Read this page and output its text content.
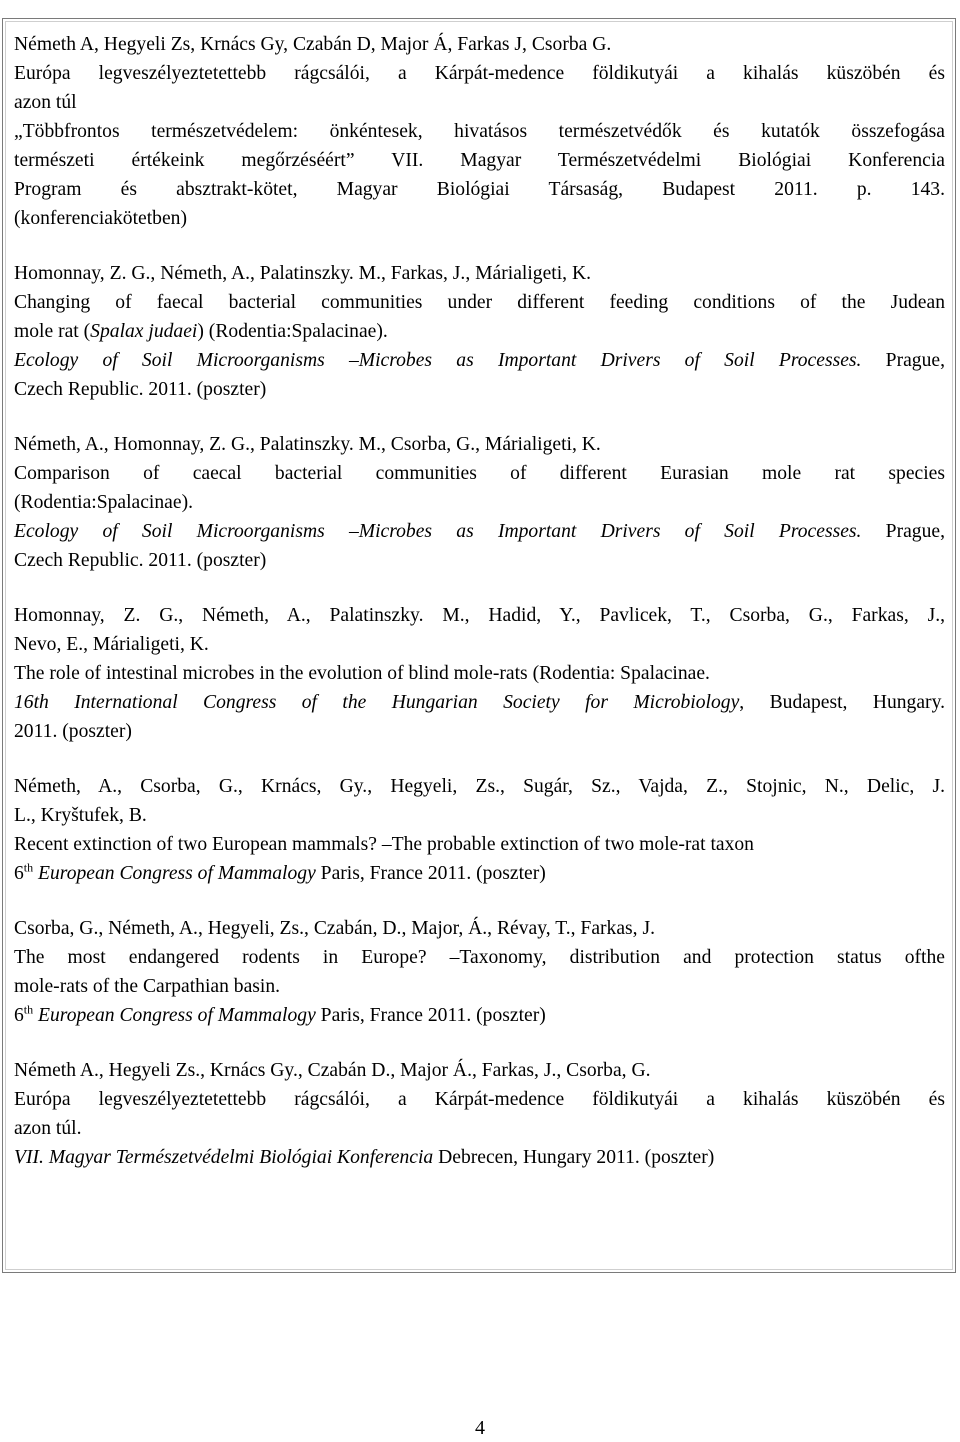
Németh A, Hegyeli Zs, Krnács Gy, Czabán D, Major Á, Farkas J, Csorba G.
Európa legveszélyeztetettebb rágcsálói, a Kárpát-medence földikutyái a kihalás küszöbén és
azon túl
„Többfrontos természetvédelem: önkéntesek, hivatásos természetvédők és kutatók összefogása
természeti értékeink megőrzéséért” VII. Magyar Természetvédelmi Biológiai Konferencia
Program és absztrakt-kötet, Magyar Biológiai Társaság, Budapest 2011. p. 143.
(konferenciakötetben)
Homonnay, Z. G., Németh, A., Palatinszky. M., Farkas, J., Márialigeti, K.
Changing of faecal bacterial communities under different feeding conditions of the Judean
mole rat (Spalax judaei) (Rodentia:Spalacinae).
Ecology of Soil Microorganisms –Microbes as Important Drivers of Soil Processes. Prague,
Czech Republic. 2011. (poszter)
Németh, A., Homonnay, Z. G., Palatinszky. M., Csorba, G., Márialigeti, K.
Comparison of caecal bacterial communities of different Eurasian mole rat species
(Rodentia:Spalacinae).
Ecology of Soil Microorganisms –Microbes as Important Drivers of Soil Processes. Prague,
Czech Republic. 2011. (poszter)
Homonnay, Z. G., Németh, A., Palatinszky. M., Hadid, Y., Pavlicek, T., Csorba, G., Farkas, J.,
Nevo, E., Márialigeti, K.
The role of intestinal microbes in the evolution of blind mole-rats (Rodentia: Spalacinae.
16th International Congress of the Hungarian Society for Microbiology, Budapest, Hungary.
2011. (poszter)
Németh, A., Csorba, G., Krnács, Gy., Hegyeli, Zs., Sugár, Sz., Vajda, Z., Stojnic, N., Delic, J.
L., Kryštufek, B.
Recent extinction of two European mammals? –The probable extinction of two mole-rat taxon
6th European Congress of Mammalogy Paris, France 2011. (poszter)
Csorba, G., Németh, A., Hegyeli, Zs., Czabán, D., Major, Á., Révay, T., Farkas, J.
The most endangered rodents in Europe? –Taxonomy, distribution and protection status ofthe
mole-rats of the Carpathian basin.
6th European Congress of Mammalogy Paris, France 2011. (poszter)
Németh A., Hegyeli Zs., Krnács Gy., Czabán D., Major Á., Farkas, J., Csorba, G.
Európa legveszélyeztetettebb rágcsálói, a Kárpát-medence földikutyái a kihalás küszöbén és
azon túl.
VII. Magyar Természetvédelmi Biológiai Konferencia Debrecen, Hungary 2011. (poszter)
4
